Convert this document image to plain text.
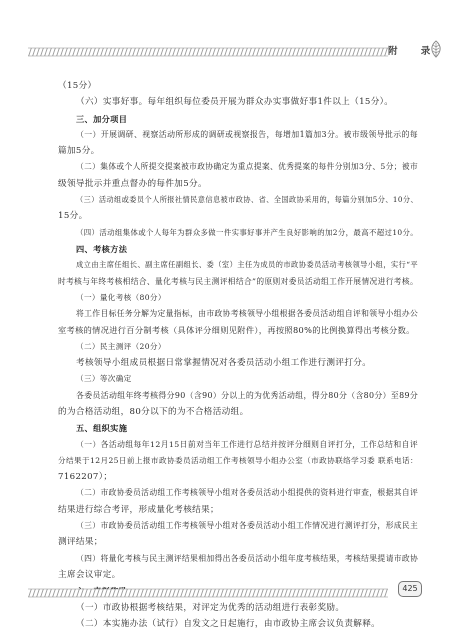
附 录
（15分）
（六）实事好事。每年组织每位委员开展为群众办实事做好事1件以上（15分）。
三、加分项目
（一）开展调研、视察活动所形成的调研或视察报告，每增加1篇加3分。被市级领导批示的每
篇加5分。
（二）集体或个人所提交提案被市政协确定为重点提案、优秀提案的每件分别加3分、5分；被市
级领导批示并重点督办的每件加5分。
（三）活动组或委员个人所报社情民意信息被市政协、省、全国政协采用的，每篇分别加5分、10分、
15分。
（四）活动组集体或个人每年为群众多做一件实事好事并产生良好影响的加2分，最高不超过10分。
四、考核方法
成立由主席任组长、副主席任副组长、委（室）主任为成员的市政协委员活动考核领导小组，实行“平
时考核与年终考核相结合、量化考核与民主测评相结合”的原则对委员活动组工作开展情况进行考核。
（一）量化考核（80分）
将工作目标任务分解为定量指标，由市政协考核领导小组根据各委员活动组自评和领导小组办公
室考核的情况进行百分制考核（具体评分细则见附件），再按照80%的比例换算得出考核分数。
（二）民主测评（20分）
考核领导小组成员根据日常掌握情况对各委员活动小组工作进行测评打分。
（三）等次确定
各委员活动组年终考核得分90（含90）分以上的为优秀活动组，得分80分（含80分）至89分
的为合格活动组，80分以下的为不合格活动组。
五、组织实施
（一）各活动组每年12月15日前对当年工作进行总结并按评分细则自评打分，工作总结和自评
分结果于12月25日前上报市政协委员活动组工作考核领导小组办公室（市政协联络学习委 联系电话：
7162207）；
（二）市政协委员活动组工作考核领导小组对各委员活动小组提供的资料进行审查，根据其自评
结果进行综合考评，形成量化考核结果；
（三）市政协委员活动组工作考核领导小组对各委员活动小组工作情况进行测评打分，形成民主
测评结果；
（四）将量化考核与民主测评结果相加得出各委员活动小组年度考核结果，考核结果提请市政协
主席会议审定。
（一）市政协根据考核结果，对评定为优秀的活动组进行表彰奖励。
（二）本实施办法（试行）自发文之日起施行，由市政协主席会议负责解释。
425
